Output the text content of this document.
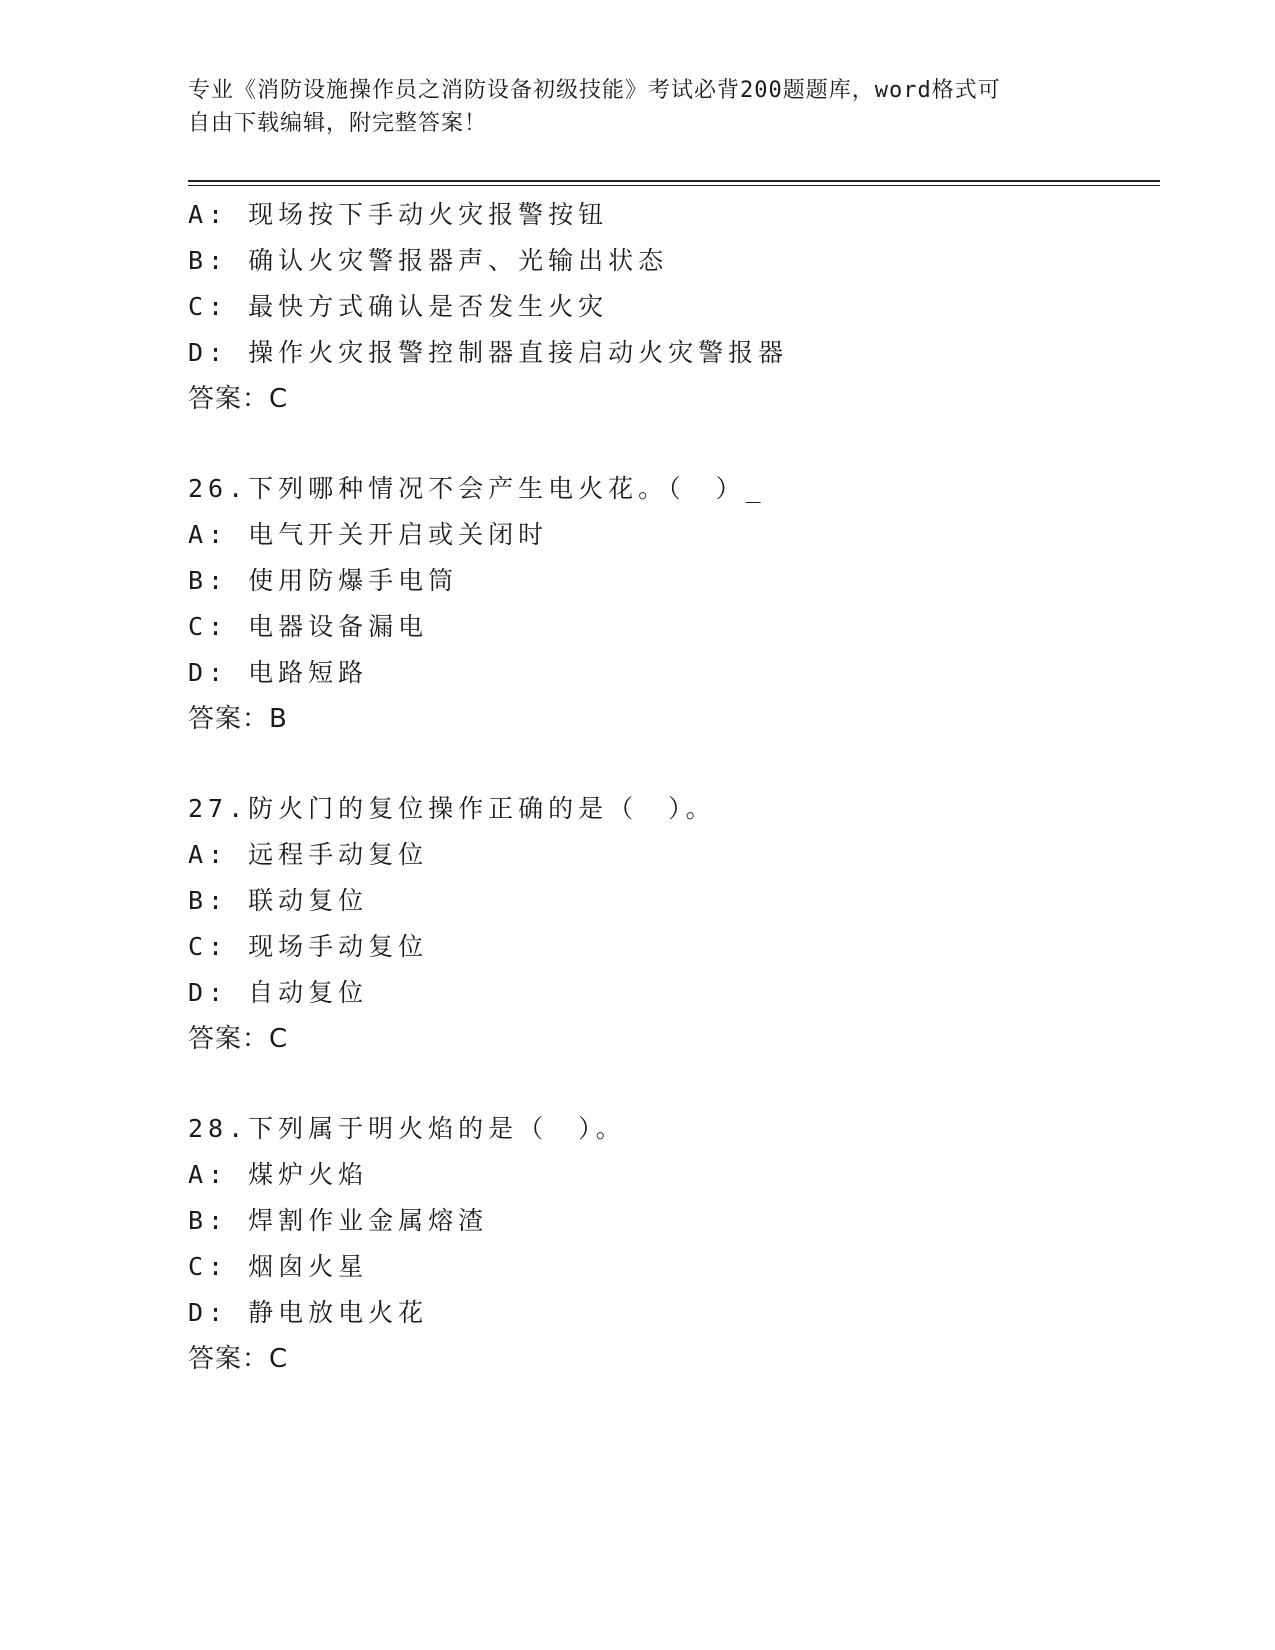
专业《消防设施操作员之消防设备初级技能》考试必背200题题库，word格式可
自由下载编辑，附完整答案！
A: 现场按下手动火灾报警按钮
B: 确认火灾警报器声、光输出状态
C: 最快方式确认是否发生火灾
D: 操作火灾报警控制器直接启动火灾警报器
答案：C
26.下列哪种情况不会产生电火花。（　）_
A: 电气开关开启或关闭时
B: 使用防爆手电筒
C: 电器设备漏电
D: 电路短路
答案：B
27.防火门的复位操作正确的是（　）。
A: 远程手动复位
B: 联动复位
C: 现场手动复位
D: 自动复位
答案：C
28.下列属于明火焰的是（　）。
A: 煤炉火焰
B: 焊割作业金属熔渣
C: 烟囱火星
D: 静电放电火花
答案：C
